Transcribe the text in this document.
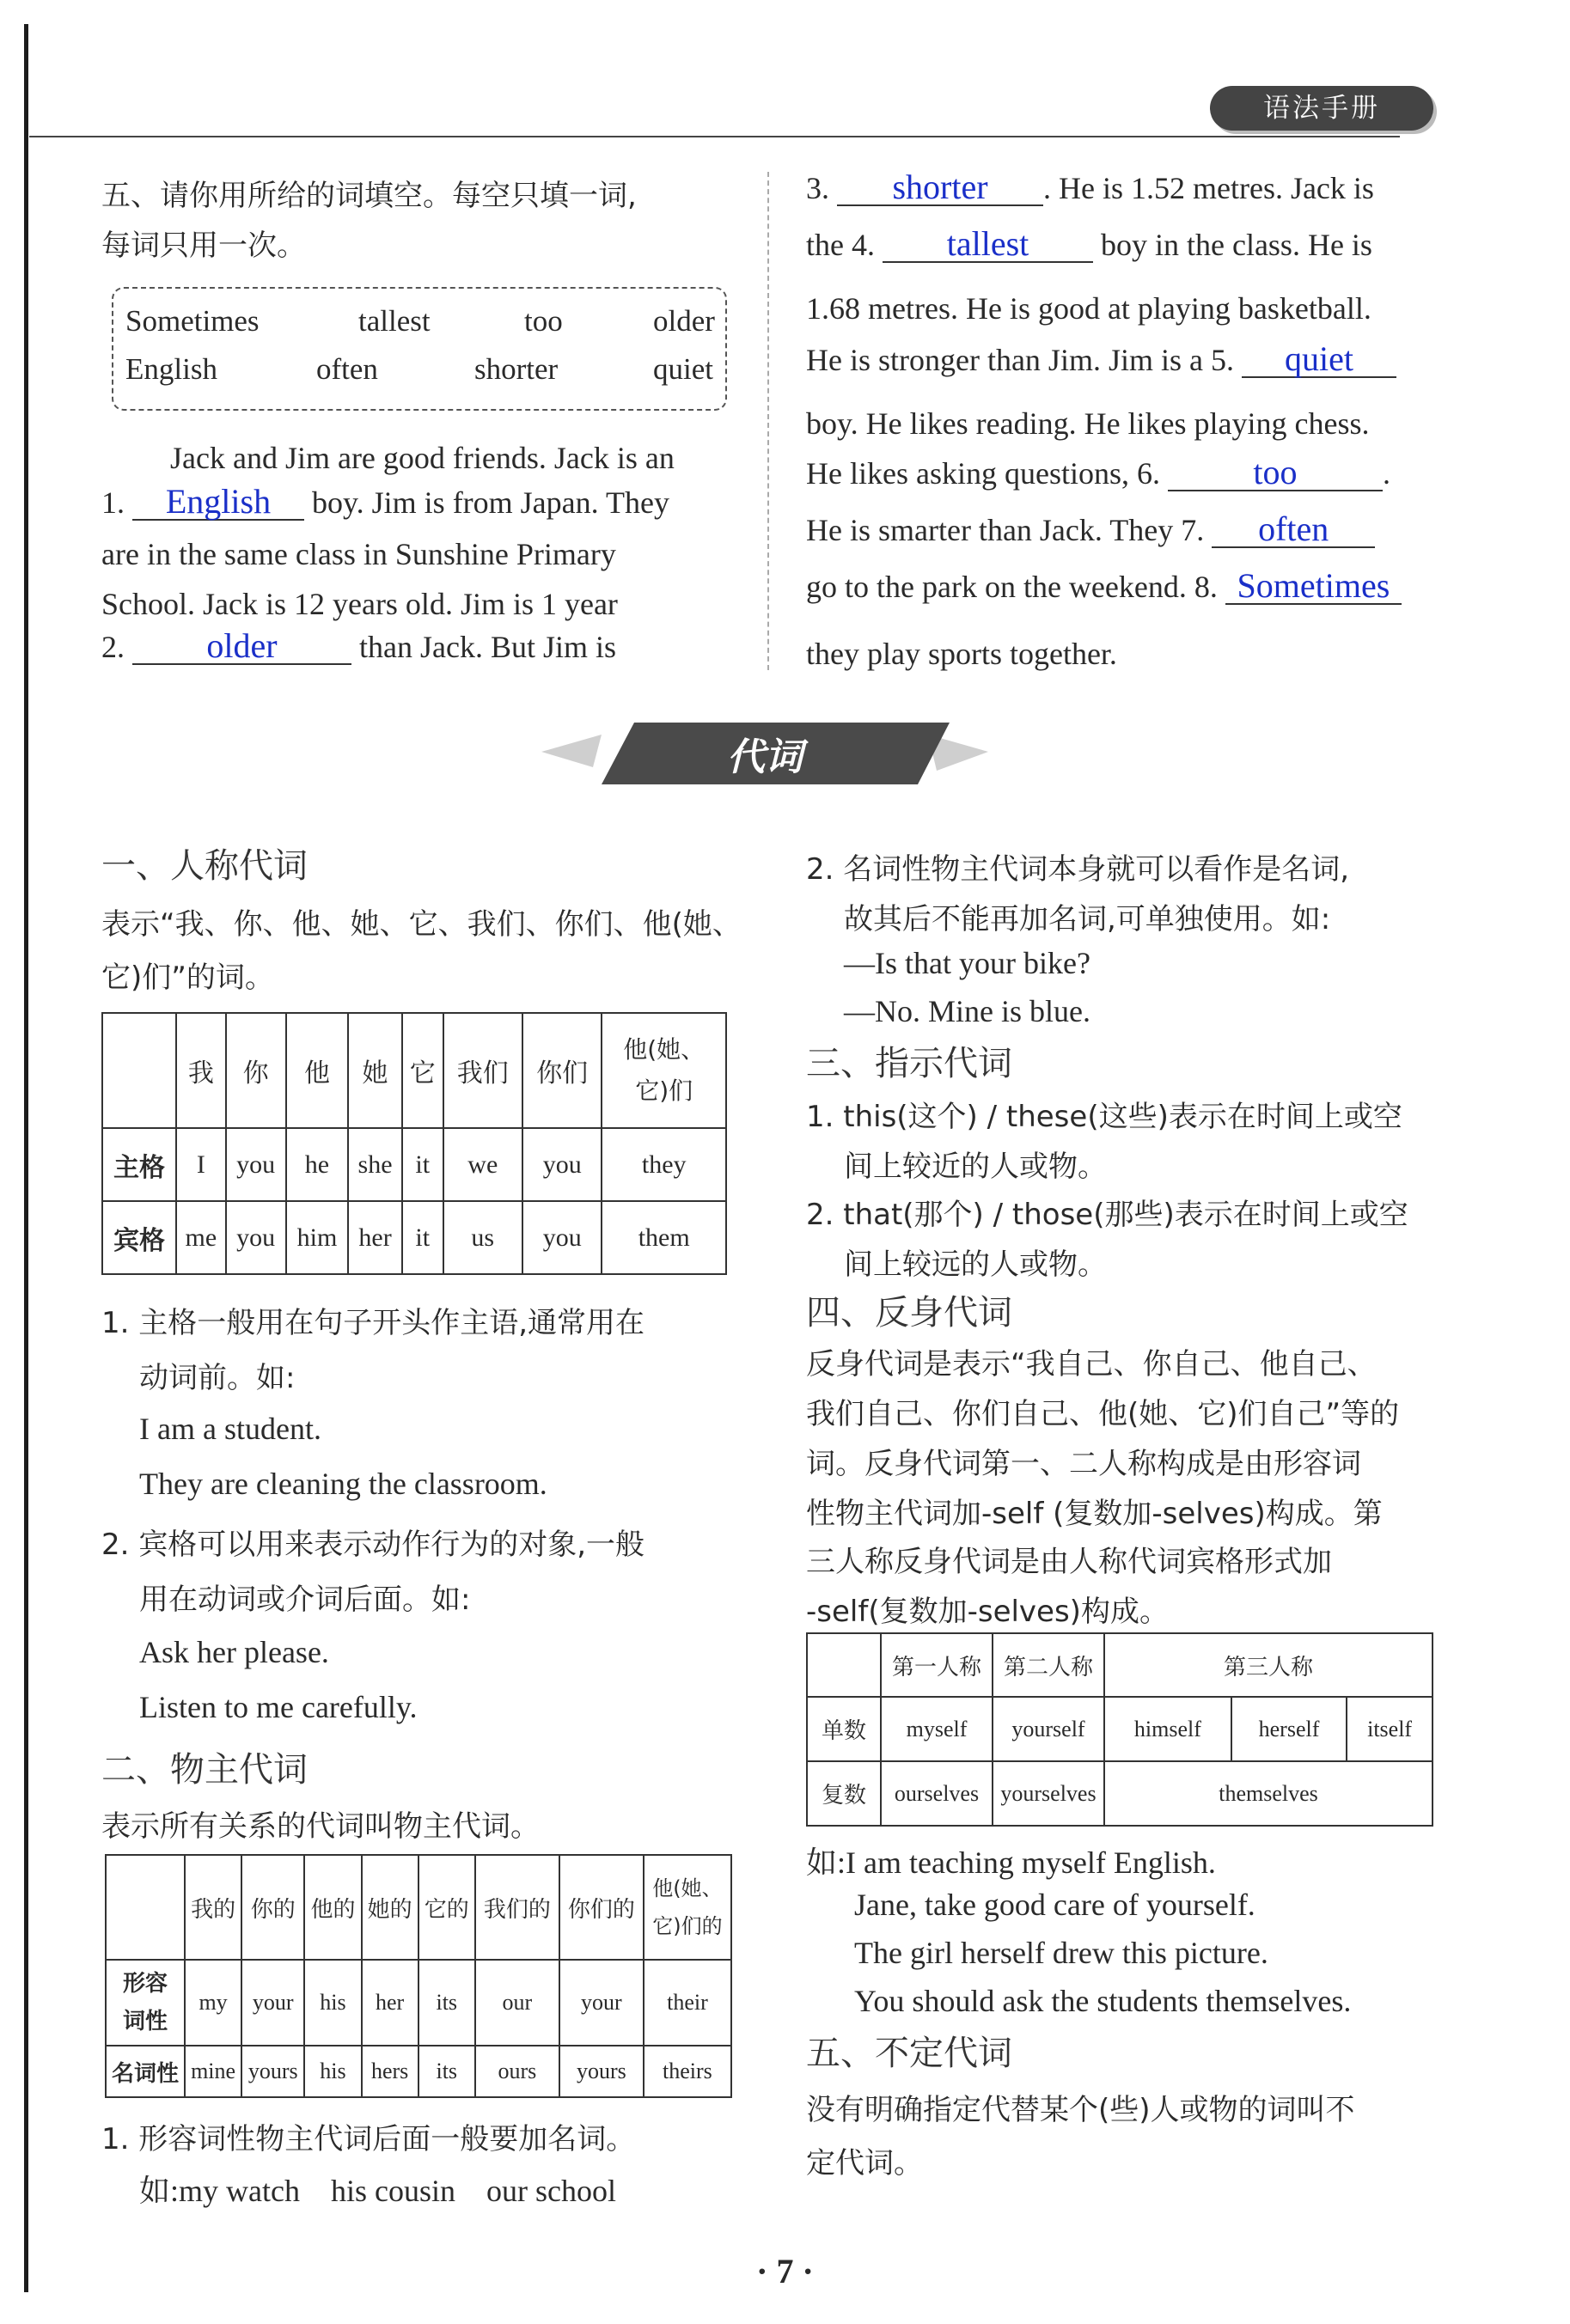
语法手册
五、请你用所给的词填空。每空只填一词,
每词只用一次。
Sometimes	tallest	too	older
English	often	shorter	quiet
Jack and Jim are good friends. Jack is an
1. English boy. Jim is from Japan. They
are in the same class in Sunshine Primary
School. Jack is 12 years old. Jim is 1 year
2. older	than Jack. But Jim is
3. shorter . He is 1.52 metres. Jack is
the 4. tallest boy in the class. He is
1.68 metres. He is good at playing basketball.
He is stronger than Jim. Jim is a 5. quiet
boy. He likes reading. He likes playing chess.
He likes asking questions, 6.	too	.
He is smarter than Jack. They 7. often
go to the park on the weekend. 8. Sometimes
they play sports together.
代词
一、人称代词
表示“我、你、他、她、它、我们、你们、他(她、
它)们”的词。
	我	你	他	她	它	我们	你们	他(她、
它)们
主格	I	you	he	she	it	we	you	they
宾格	me	you	him	her	it	us	you	them
1. 主格一般用在句子开头作主语,通常用在
动词前。如:
I am a student.
They are cleaning the classroom.
2. 宾格可以用来表示动作行为的对象,一般
用在动词或介词后面。如:
Ask her please.
Listen to me carefully.
二、物主代词
表示所有关系的代词叫物主代词。
	我的	你的	他的	她的	它的	我们的	你们的	他(她、
它)们的
形容
词性	my	your	his	her	its	our	your	their
名词性	mine	yours	his	hers	its	ours	yours	theirs
1. 形容词性物主代词后面一般要加名词。
如:my watch    his cousin    our school
2. 名词性物主代词本身就可以看作是名词,
故其后不能再加名词,可单独使用。如:
—Is that your bike?
—No. Mine is blue.
三、指示代词
1. this(这个) / these(这些)表示在时间上或空
间上较近的人或物。
2. that(那个) / those(那些)表示在时间上或空
间上较远的人或物。
四、反身代词
反身代词是表示“我自己、你自己、他自己、
我们自己、你们自己、他(她、它)们自己”等的
词。反身代词第一、二人称构成是由形容词
性物主代词加-self (复数加-selves)构成。第
三人称反身代词是由人称代词宾格形式加
-self(复数加-selves)构成。
	第一人称	第二人称	第三人称		
单数	myself	yourself	himself	herself	itself
复数	ourselves	yourselves	themselves		
如:I am teaching myself English.
Jane, take good care of yourself.
The girl herself drew this picture.
You should ask the students themselves.
五、不定代词
没有明确指定代替某个(些)人或物的词叫不
定代词。
· 7 ·
